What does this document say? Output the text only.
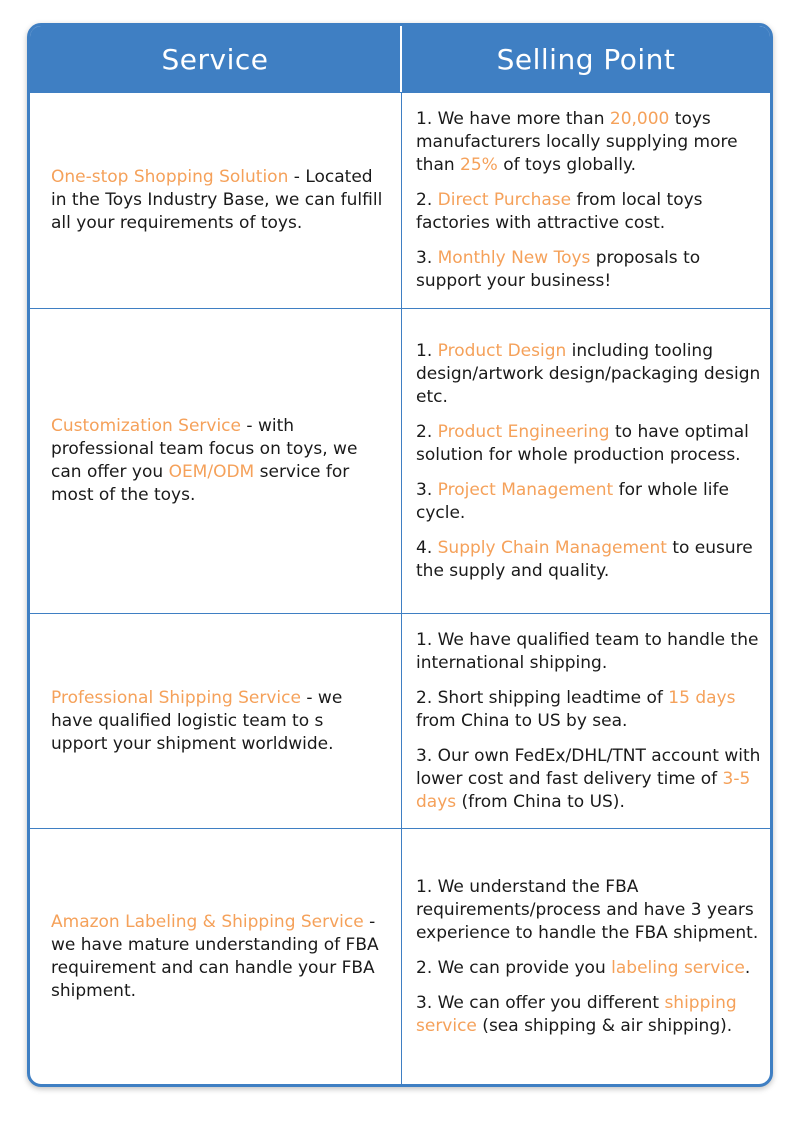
Service	Selling Point
One-stop Shopping Solution - Located in the Toys Industry Base, we can fulfill all your requirements of toys.

1. We have more than 20,000 toys manufacturers locally supplying more than 25% of toys globally.

2. Direct Purchase from local toys factories with attractive cost.

3. Monthly New Toys proposals to support your business!

Customization Service - with professional team focus on toys, we can offer you OEM/ODM service for most of the toys.

1. Product Design including tooling design/artwork design/packaging design etc.

2. Product Engineering to have optimal solution for whole production process.

3. Project Management for whole life cycle.

4. Supply Chain Management to eusure the supply and quality.

Professional Shipping Service - we have qualified logistic team to s upport your shipment worldwide.

1. We have qualified team to handle the international shipping.

2. Short shipping leadtime of 15 days from China to US by sea.

3. Our own FedEx/DHL/TNT account with lower cost and fast delivery time of 3-5 days (from China to US).

Amazon Labeling & Shipping Service - we have mature understanding of FBA requirement and can handle your FBA shipment.

1. We understand the FBA requirements/process and have 3 years experience to handle the FBA shipment.

2. We can provide you labeling service.

3. We can offer you different shipping service (sea shipping & air shipping).
